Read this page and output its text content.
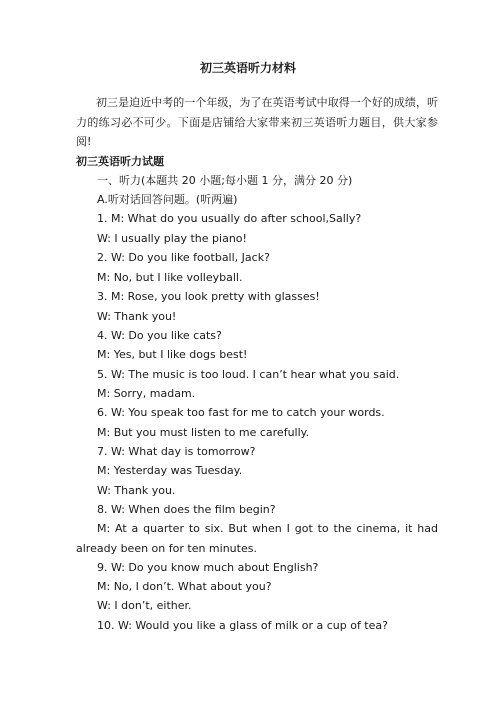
初三英语听力材料
初三是迫近中考的一个年级，为了在英语考试中取得一个好的成绩，听力的练习必不可少。下面是店铺给大家带来初三英语听力题目，供大家参阅!
初三英语听力试题
一、听力(本题共 20 小题;每小题 1 分，满分 20 分)
A.听对话回答问题。(听两遍)
1. M: What do you usually do after school,Sally?
W: I usually play the piano!
2. W: Do you like football, Jack?
M: No, but I like volleyball.
3. M: Rose, you look pretty with glasses!
W: Thank you!
4. W: Do you like cats?
M: Yes, but I like dogs best!
5. W: The music is too loud. I can’t hear what you said.
M: Sorry, madam.
6. W: You speak too fast for me to catch your words.
M: But you must listen to me carefully.
7. W: What day is tomorrow?
M: Yesterday was Tuesday.
W: Thank you.
8. W: When does the film begin?
M: At a quarter to six. But when I got to the cinema, it had already been on for ten minutes.
9. W: Do you know much about English?
M: No, I don’t. What about you?
W: I don’t, either.
10. W: Would you like a glass of milk or a cup of tea?
